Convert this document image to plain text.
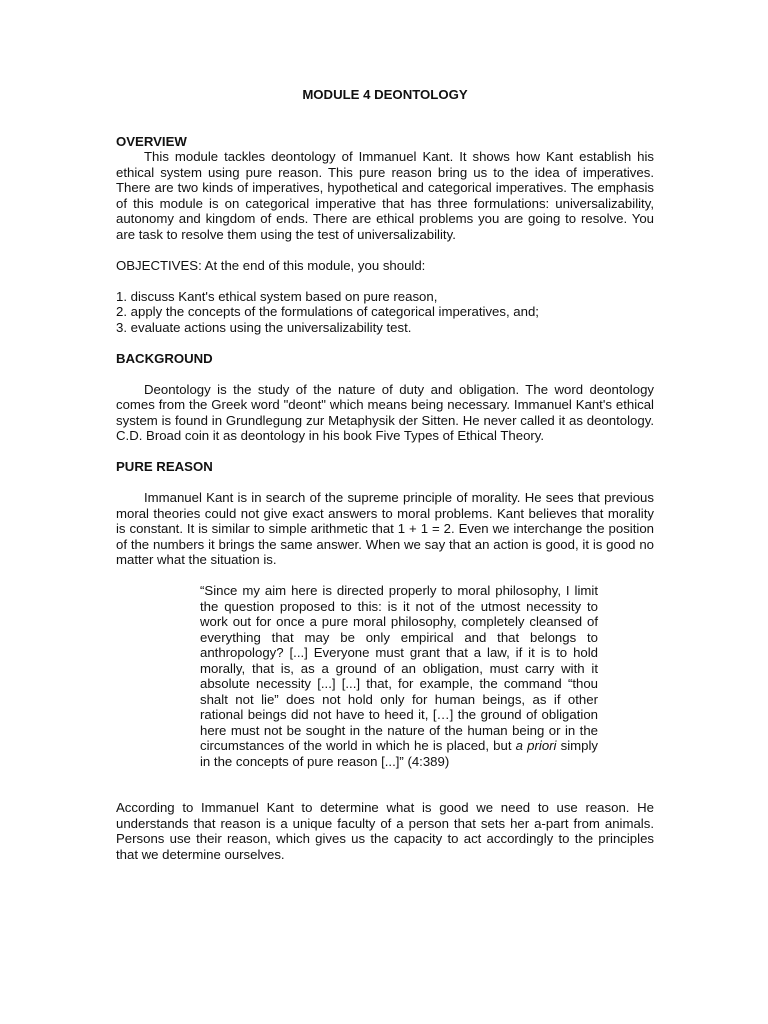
MODULE 4 DEONTOLOGY
OVERVIEW

This module tackles deontology of Immanuel Kant. It shows how Kant establish his ethical system using pure reason. This pure reason bring us to the idea of imperatives. There are two kinds of imperatives, hypothetical and categorical imperatives. The emphasis of this module is on categorical imperative that has three formulations: universalizability, autonomy and kingdom of ends. There are ethical problems you are going to resolve. You are task to resolve them using the test of universalizability.

OBJECTIVES: At the end of this module, you should:

1. discuss Kant's ethical system based on pure reason,
2. apply the concepts of the formulations of categorical imperatives, and;
3. evaluate actions using the universalizability test.
BACKGROUND

Deontology is the study of the nature of duty and obligation. The word deontology comes from the Greek word "deont" which means being necessary. Immanuel Kant's ethical system is found in Grundlegung zur Metaphysik der Sitten. He never called it as deontology. C.D. Broad coin it as deontology in his book Five Types of Ethical Theory.

PURE REASON

Immanuel Kant is in search of the supreme principle of morality. He sees that previous moral theories could not give exact answers to moral problems. Kant believes that morality is constant. It is similar to simple arithmetic that 1 + 1 = 2. Even we interchange the position of the numbers it brings the same answer. When we say that an action is good, it is good no matter what the situation is.

“Since my aim here is directed properly to moral philosophy, I limit the question proposed to this: is it not of the utmost necessity to work out for once a pure moral philosophy, completely cleansed of everything that may be only empirical and that belongs to anthropology? [...] Everyone must grant that a law, if it is to hold morally, that is, as a ground of an obligation, must carry with it absolute necessity [...] [...] that, for example, the command “thou shalt not lie” does not hold only for human beings, as if other rational beings did not have to heed it, […] the ground of obligation here must not be sought in the nature of the human being or in the circumstances of the world in which he is placed, but a priori simply in the concepts of pure reason [...]” (4:389)

According to Immanuel Kant to determine what is good we need to use reason. He understands that reason is a unique faculty of a person that sets her a-part from animals. Persons use their reason, which gives us the capacity to act accordingly to the principles that we determine ourselves.
